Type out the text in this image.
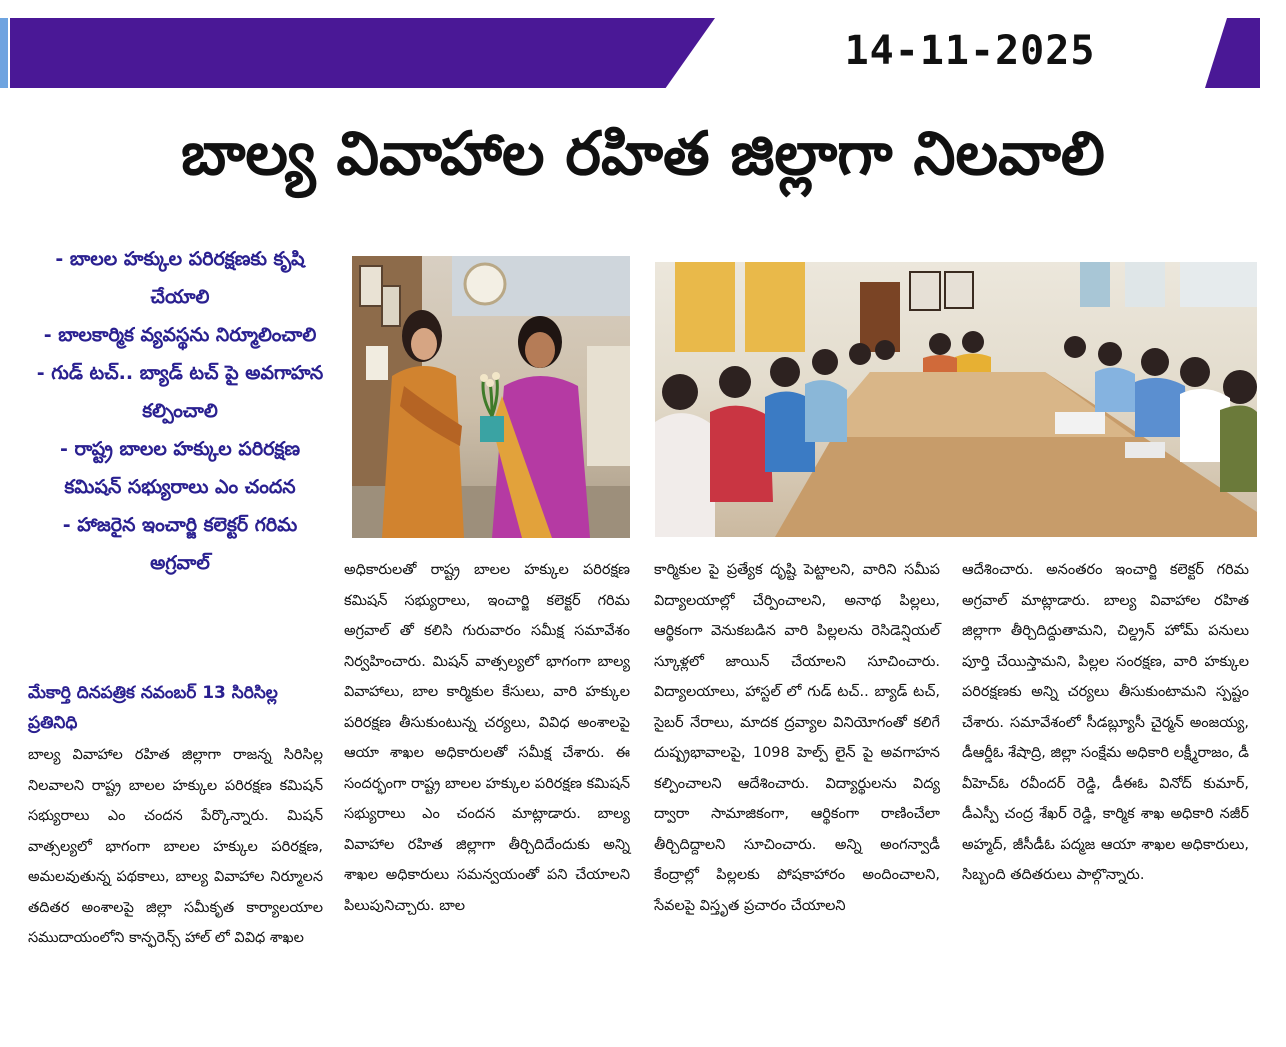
14-11-2025
బాల్య వివాహాల రహిత జిల్లాగా నిలవాలి
- బాలల హక్కుల పరిరక్షణకు కృషి చేయాలి
- బాలకార్మిక వ్యవస్థను నిర్మూలించాలి
- గుడ్ టచ్.. బ్యాడ్ టచ్ పై అవగాహన కల్పించాలి
- రాష్ట్ర బాలల హక్కుల పరిరక్షణ కమిషన్ సభ్యురాలు ఎం చందన
- హాజరైన ఇంచార్జి కలెక్టర్ గరిమ అగ్రవాల్
మేకార్తి దినపత్రిక నవంబర్ 13 సిరిసిల్ల ప్రతినిధి

బాల్య వివాహాల రహిత జిల్లాగా రాజన్న సిరిసిల్ల నిలవాలని రాష్ట్ర బాలల హక్కుల పరిరక్షణ కమిషన్ సభ్యురాలు ఎం చందన పేర్కొన్నారు. మిషన్ వాత్సల్యలో భాగంగా బాలల హక్కుల పరిరక్షణ, అమలవుతున్న పథకాలు, బాల్య వివాహాల నిర్మూలన తదితర అంశాలపై జిల్లా సమీకృత కార్యాలయాల సముదాయంలోని కాన్ఫరెన్స్ హాల్ లో వివిధ శాఖల

అధికారులతో రాష్ట్ర బాలల హక్కుల పరిరక్షణ కమిషన్ సభ్యురాలు, ఇంచార్జి కలెక్టర్ గరిమ అగ్రవాల్ తో కలిసి గురువారం సమీక్ష సమావేశం నిర్వహించారు. మిషన్ వాత్సల్యలో భాగంగా బాల్య వివాహాలు, బాల కార్మికుల కేసులు, వారి హక్కుల పరిరక్షణ తీసుకుంటున్న చర్యలు, వివిధ అంశాలపై ఆయా శాఖల అధికారులతో సమీక్ష చేశారు. ఈ సందర్భంగా రాష్ట్ర బాలల హక్కుల పరిరక్షణ కమిషన్ సభ్యురాలు ఎం చందన మాట్లాడారు. బాల్య వివాహాల రహిత జిల్లాగా తీర్చిదిదేందుకు అన్ని శాఖల అధికారులు సమన్వయంతో పని చేయాలని పిలుపునిచ్చారు. బాల

కార్మికుల పై ప్రత్యేక దృష్టి పెట్టాలని, వారిని సమీప విద్యాలయాల్లో చేర్పించాలని, అనాథ పిల్లలు, ఆర్థికంగా వెనుకబడిన వారి పిల్లలను రెసిడెన్షియల్ స్కూళ్లలో జాయిన్ చేయాలని సూచించారు. విద్యాలయాలు, హాస్టల్ లో గుడ్ టచ్.. బ్యాడ్ టచ్, సైబర్ నేరాలు, మాదక ద్రవ్యాల వినియోగంతో కలిగే దుష్ప్రభావాలపై, 1098 హెల్ప్ లైన్ పై అవగాహన కల్పించాలని ఆదేశించారు. విద్యార్థులను విద్య ద్వారా సామాజికంగా, ఆర్థికంగా రాణించేలా తీర్చిదిద్దాలని సూచించారు. అన్ని అంగన్వాడీ కేంద్రాల్లో పిల్లలకు పోషకాహారం అందించాలని, సేవలపై విస్తృత ప్రచారం చేయాలని

ఆదేశించారు. అనంతరం ఇంచార్జి కలెక్టర్ గరిమ అగ్రవాల్ మాట్లాడారు. బాల్య వివాహాల రహిత జిల్లాగా తీర్చిదిద్దుతామని, చిల్డ్రన్ హోమ్ పనులు పూర్తి చేయిస్తామని, పిల్లల సంరక్షణ, వారి హక్కుల పరిరక్షణకు అన్ని చర్యలు తీసుకుంటామని స్పష్టం చేశారు. సమావేశంలో సీడబ్ల్యూసీ చైర్మన్ అంజయ్య, డీఆర్డీఓ శేషాద్రి, జిల్లా సంక్షేమ అధికారి లక్ష్మీరాజం, డీ వీహెచ్ఓ రవీందర్ రెడ్డి, డీఈఓ వినోద్ కుమార్, డీఎస్పీ చంద్ర శేఖర్ రెడ్డి, కార్మిక శాఖ అధికారి నజీర్ అహ్మద్, జీసీడీఓ పద్మజ ఆయా శాఖల అధికారులు, సిబ్బంది తదితరులు పాల్గొన్నారు.
